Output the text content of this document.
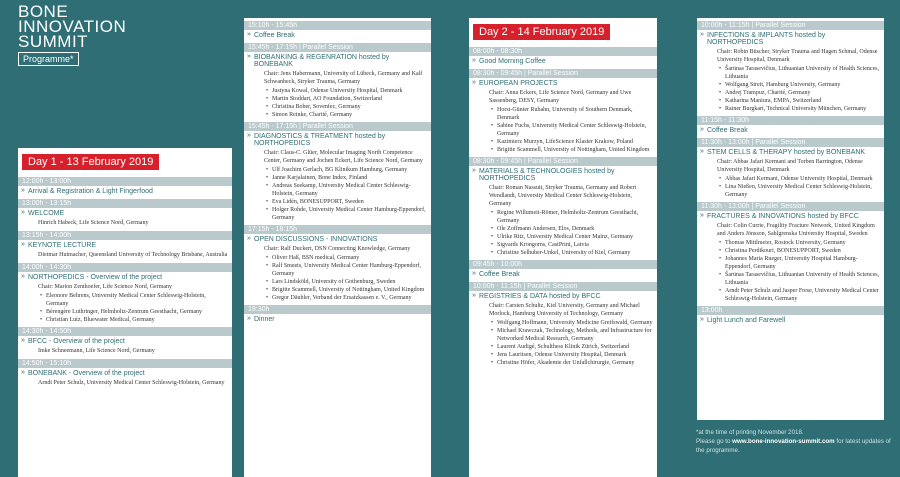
BONE
INNOVATION
SUMMIT
Programme*
Day 1 - 13 February 2019
12:00h - 13:00h
» Arrival & Registration & Light Fingerfood
13:00h - 13:15h
» WELCOME
Hinrich Habeck, Life Science Nord, Germany
13:15h - 14:00h
» KEYNOTE LECTURE
Dietmar Hutmacher, Queensland University of Technology Brisbane, Australia
14:00h - 14:30h
» NORTHOPEDICS - Overview of the project
Chair: Marion Zenthoefer, Life Science Nord, Germany
• Eleonore Behrens, University Medical Center Schleswig-Holstein, Germany
• Bérengère Luthringer, Helmholtz-Zentrum Geesthacht, Germany
• Christian Lutz, Bluewater Medical, Germany
14:30h - 14:50h
» BFCC - Overview of the project
Imke Schneemann, Life Science Nord, Germany
14:50h - 15:10h
» BONEBANK - Overview of the project
Arndt Peter Schulz, University Medical Center Schleswig-Holstein, Germany
15:10h - 15:45h
» Coffee Break
15:45h - 17:15h | Parallel Session
» BIOBANKING & REGENRATION hosted by BONEBANK
Chair: Jens Habermann, University of Lübeck, Germany and Kalf Schwanbeck, Stryker Trauma, Germany
• Justyna Kowal, Odense University Hospital, Denmark
• Martin Stoddart, AO Foundation, Switzerland
• Christina Bober, Sovenfec, Germany
• Simon Reinke, Charité, Germany
15:45h - 17:15h | Parallel Session
» DIAGNOSTICS & TREATMENT hosted by NORTHOPEDICS
Chair: Claus-C. Glüer, Molecular Imaging North Competence Center, Germany and Jochen Eckert, Life Science Nord, Germany
• Ulf Joachim Gerlach, BG Klinikum Hamburg, Germany
• Janne Karjalainen, Bone Index, Finland
• Andreas Seekamp, University Medical Center Schleswig-Holstein, Germany
• Eva Lidén, BONESUPPORT, Sweden
• Holger Rohde, University Medical Center Hamburg-Eppendorf, Germany
17:15h - 18:15h
» OPEN DISCUSSIONS - INNOVATIONS
Chair: Ralf Duckert, DSN Connecting Knowledge, Germany
• Oliver Haß, BSN medical, Germany
• Ralf Smeets, University Medical Center Hamburg-Eppendorf, Germany
• Lars Lindsköld, University of Gothenburg, Sweden
• Brigitte Scammell, University of Nottingham, United Kingdom
• Gregor Däubler, Verband der Ersatzkassen e. V., Germany
19:30h
» Dinner
Day 2 - 14 February 2019
08:00h - 08:30h
» Good Morning Coffee
08:30h - 09:45h | Parallel Session
» EUROPEAN PROJECTS
Chair: Anna Eckers, Life Science Nord, Germany and Uwe Sassenberg, DESY, Germany
• Horst-Günter Rubahn, University of Southern Denmark, Denmark
• Sabine Fuchs, University Medical Center Schleswig-Holstein, Germany
• Kazimierz Murzyn, LifeScience Klaster Krakow, Poland
• Brigitte Scammell, University of Nottingham, United Kingdom
08:30h - 09:45h | Parallel Session
» MATERIALS & TECHNOLOGIES hosted by NORTHOPEDICS
Chair: Roman Nassutt, Stryker Trauma, Germany and Robert Wendlandt, University Medical Center Schleswig-Holstein, Germany
• Regine Willumeit-Römer, Helmholtz-Zentrum Geesthacht, Germany
• Ole Zoffmann Andersen, Elos, Denmark
• Ulrike Ritz, University Medical Center Mainz, Germany
• Sigvards Krongorns, CastPrint, Latvia
• Christine Selhuber-Unkel, University of Kiel, Germany
09:45h - 10:00h
» Coffee Break
10:00h - 11:15h | Parallel Session
» REGISTRIES & DATA hosted by BFCC
Chair: Carsten Schultz, Kiel University, Germany and Michael Morlock, Hamburg University of Technology, Germany
• Wolfgang Hoffmann, University Medicine Greifswald, Germany
• Michael Krawczak, Technology, Methods, and Infrastructure for Networked Medical Research, Germany
• Laurent Audigé, Schulthess Klinik Zürich, Switzerland
• Jens Lauritsen, Odense University Hospital, Denmark
• Christine Höfer, Akademie der Unfallchirurgie, Germany
10:00h - 11:15h | Parallel Session
» INFECTIONS & IMPLANTS hosted by NORTHOPEDICS
Chair: Robin Büscher, Stryker Trauma and Hagen Schmal, Odense University Hospital, Denmark
• Šarūnas Tarasevičius, Lithuanian University of Health Sciences, Lithuania
• Wolfgang Streit, Hamburg University, Germany
• Andrej Trampuz, Charité, Germany
• Katharina Maniura, EMPA, Switzerland
• Rainer Burgkart, Technical University München, Germany
11:15h - 11:30h
» Coffee Break
11:30h - 13:00h | Parallel Session
» STEM CELLS & THERAPY hosted by BONEBANK
Chair: Abbas Jafari Kermani and Torben Barrington, Odense University Hospital, Denmark
• Abbas Jafari Kermani, Odense University Hospital, Denmark
• Lina Nießen, University Medical Center Schleswig-Holstein, Germany
11:30h - 13:00h | Parallel Session
» FRACTURES & INNOVATIONS hosted by BFCC
Chair: Colin Currie, Fragility Fracture Network, United Kingdom and Anders Jönsson, Sahlgrenska University Hospital, Sweden
• Thomas Mittlmeier, Rostock University, Germany
• Christina Perdikouri, BONESUPPORT, Sweden
• Johannes Maria Rueger, University Hospital Hamburg-Eppendorf, Germany
• Šarūnas Tarasevičius, Lithuanian University of Health Sciences, Lithuania
• Arndt Peter Schulz and Jasper Frese, University Medical Center Schleswig-Holstein, Germany
13:00h
» Light Lunch and Farewell
*at the time of printing November 2018.
Please go to www.bone-innovation-summit.com for latest updates of the programme.
